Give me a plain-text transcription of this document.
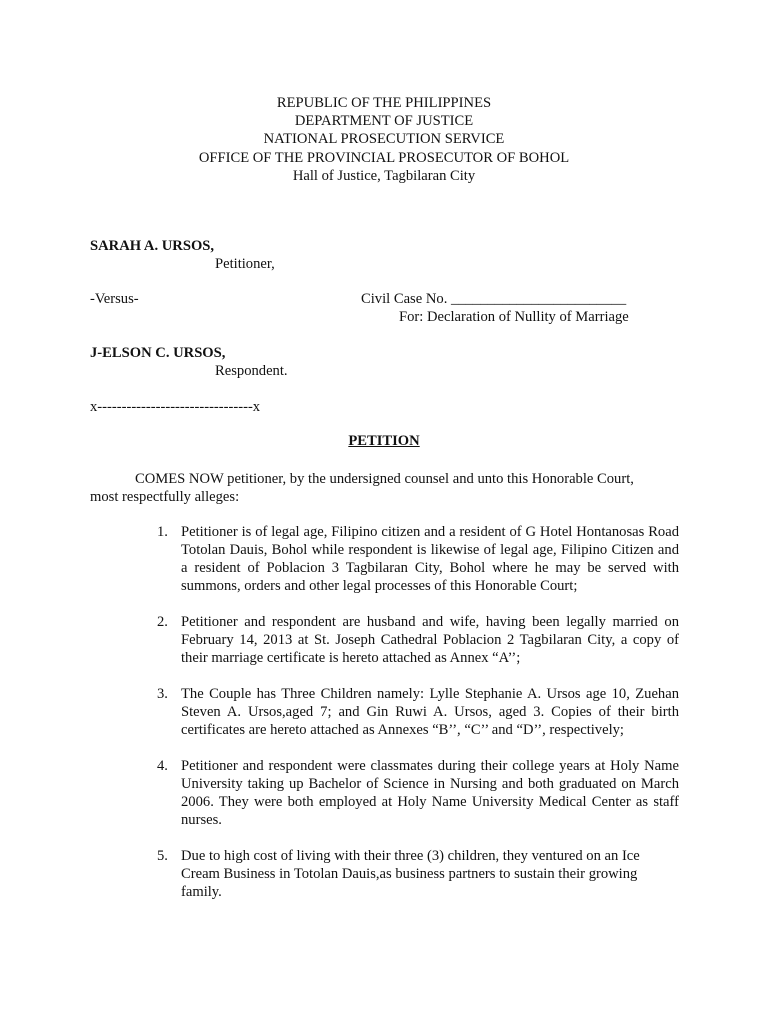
REPUBLIC OF THE PHILIPPINES
DEPARTMENT OF JUSTICE
NATIONAL PROSECUTION SERVICE
OFFICE OF THE PROVINCIAL PROSECUTOR OF BOHOL
Hall of Justice, Tagbilaran City
SARAH A. URSOS,
Petitioner,
-Versus-	Civil Case No. ________________________
For: Declaration of Nullity of Marriage
J-ELSON C. URSOS,
Respondent.
x--------------------------------x
PETITION
COMES NOW petitioner, by the undersigned counsel and unto this Honorable Court,
most respectfully alleges:
1. Petitioner is of legal age, Filipino citizen and a resident of G Hotel Hontanosas Road Totolan Dauis, Bohol while respondent is likewise of legal age, Filipino Citizen and a resident of Poblacion 3 Tagbilaran City, Bohol where he may be served with summons, orders and other legal processes of this Honorable Court;
2. Petitioner and respondent are husband and wife, having been legally married on February 14, 2013 at St. Joseph Cathedral Poblacion 2 Tagbilaran City, a copy of their marriage certificate is hereto attached as Annex “A’’;
3. The Couple has Three Children namely: Lylle Stephanie A. Ursos age 10, Zuehan Steven A. Ursos,aged 7; and Gin Ruwi A. Ursos, aged 3. Copies of their birth certificates are hereto attached as Annexes “B’’, “C’’ and “D’’, respectively;
4. Petitioner and respondent were classmates during their college years at Holy Name University taking up Bachelor of Science in Nursing and both graduated on March 2006. They were both employed at Holy Name University Medical Center as staff nurses.
5. Due to high cost of living with their three (3) children, they ventured on an Ice Cream Business in Totolan Dauis,as business partners to sustain their growing family.
